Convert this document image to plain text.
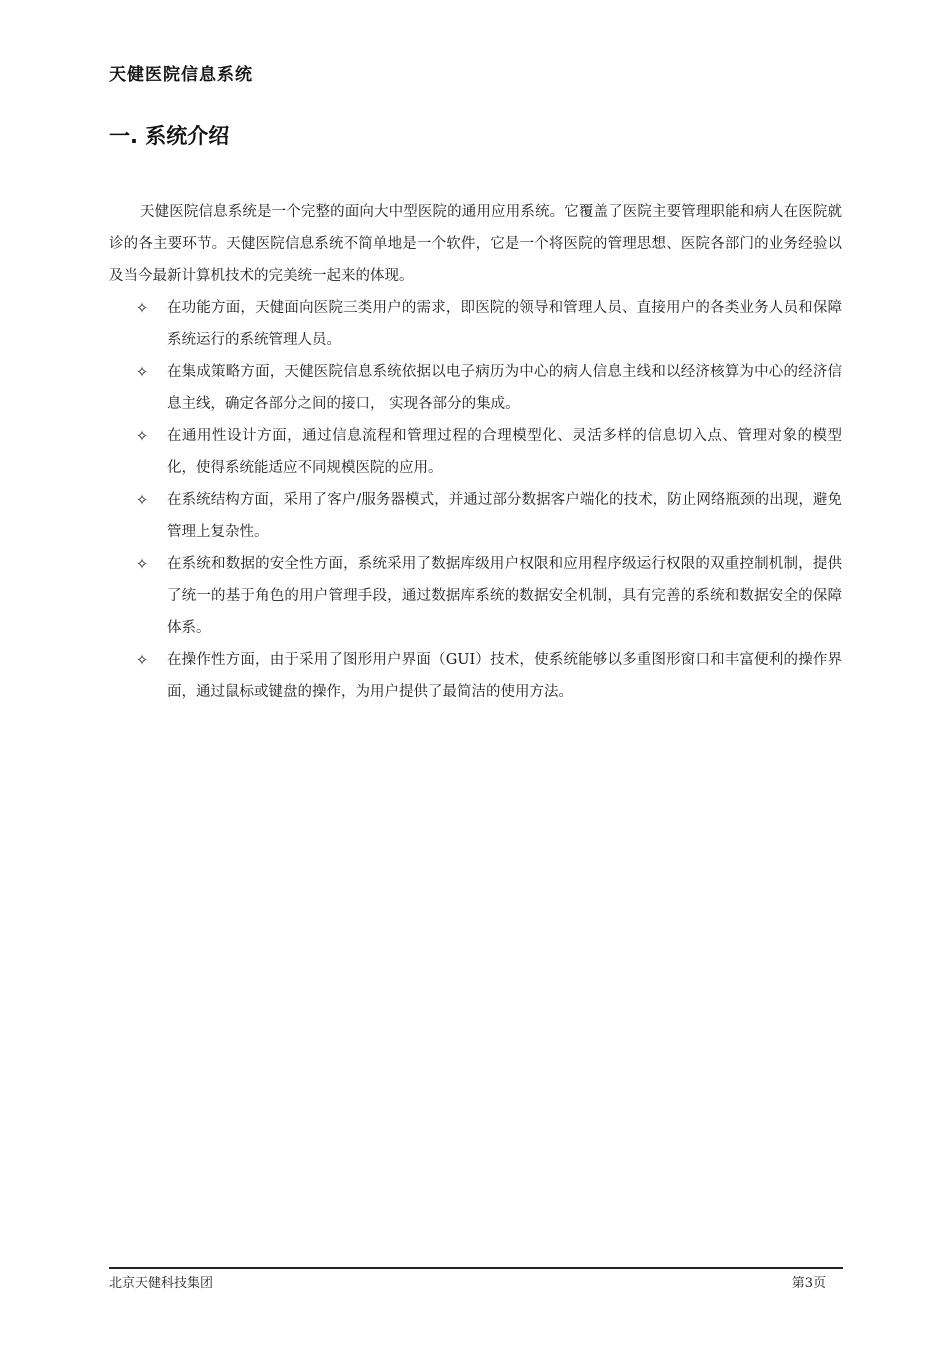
天健医院信息系统
一. 系统介绍

天健医院信息系统是一个完整的面向大中型医院的通用应用系统。它覆盖了医院主要管理职能和病人在医院就诊的各主要环节。天健医院信息系统不简单地是一个软件，它是一个将医院的管理思想、医院各部门的业务经验以及当今最新计算机技术的完美统一起来的体现。

✧ 在功能方面，天健面向医院三类用户的需求，即医院的领导和管理人员、直接用户的各类业务人员和保障系统运行的系统管理人员。
✧ 在集成策略方面，天健医院信息系统依据以电子病历为中心的病人信息主线和以经济核算为中心的经济信息主线，确定各部分之间的接口， 实现各部分的集成。
✧ 在通用性设计方面，通过信息流程和管理过程的合理模型化、灵活多样的信息切入点、管理对象的模型化，使得系统能适应不同规模医院的应用。
✧ 在系统结构方面，采用了客户/服务器模式，并通过部分数据客户端化的技术，防止网络瓶颈的出现，避免管理上复杂性。
✧ 在系统和数据的安全性方面，系统采用了数据库级用户权限和应用程序级运行权限的双重控制机制，提供了统一的基于角色的用户管理手段，通过数据库系统的数据安全机制，具有完善的系统和数据安全的保障体系。
✧ 在操作性方面，由于采用了图形用户界面（GUI）技术，使系统能够以多重图形窗口和丰富便利的操作界面，通过鼠标或键盘的操作，为用户提供了最简洁的使用方法。
北京天健科技集团	第3页
